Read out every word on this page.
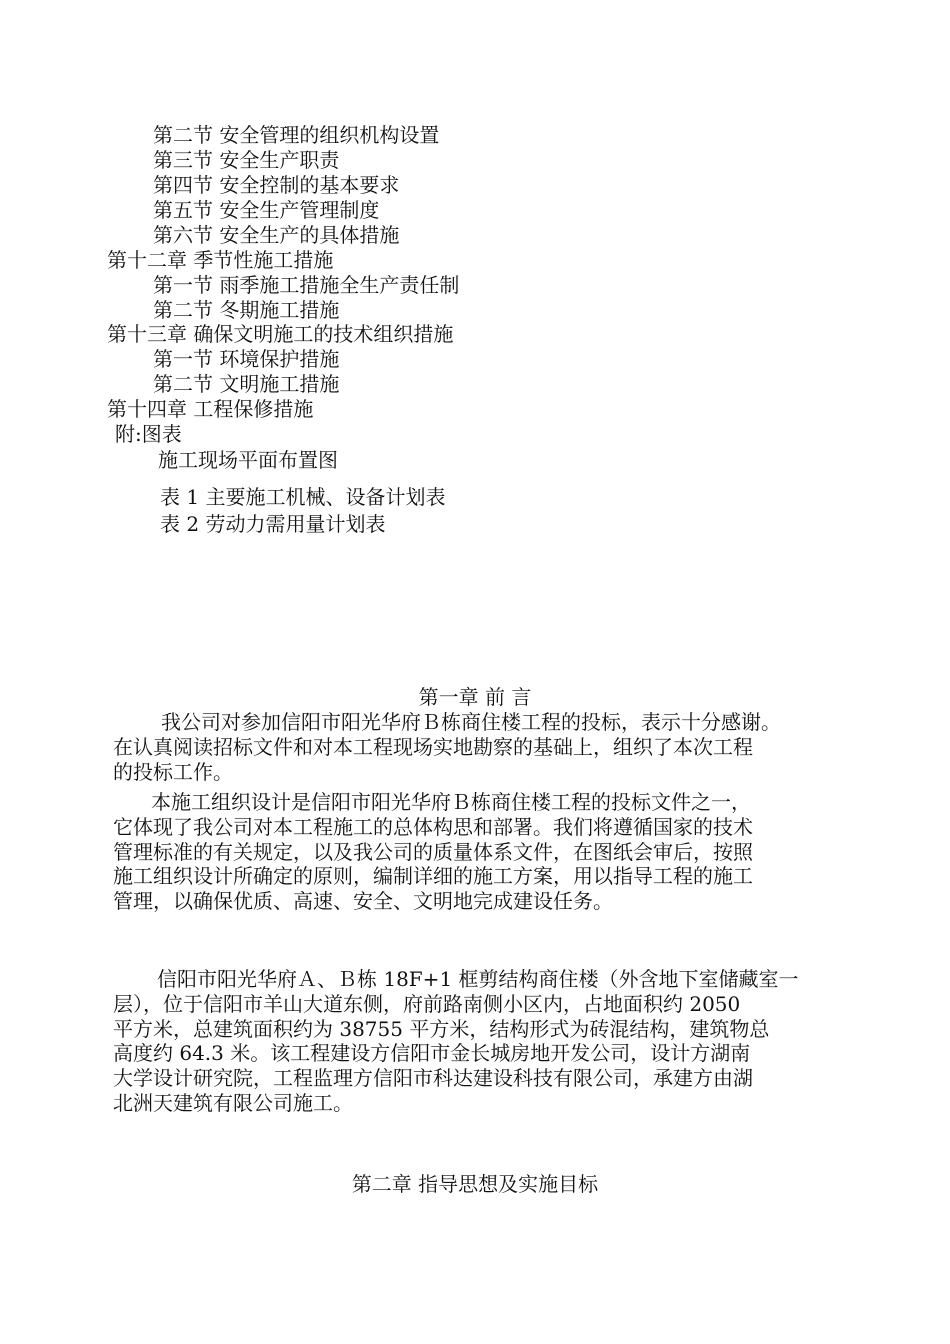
第二节 安全管理的组织机构设置
第三节 安全生产职责
第四节 安全控制的基本要求
第五节 安全生产管理制度
第六节 安全生产的具体措施
第十二章 季节性施工措施
第一节 雨季施工措施全生产责任制
第二节 冬期施工措施
第十三章 确保文明施工的技术组织措施
第一节 环境保护措施
第二节 文明施工措施
第十四章 工程保修措施
附:图表
施工现场平面布置图
表 1 主要施工机械、设备计划表
表 2 劳动力需用量计划表
第一章 前 言
　我公司对参加信阳市阳光华府Ｂ栋商住楼工程的投标，表示十分感谢。
在认真阅读招标文件和对本工程现场实地勘察的基础上，组织了本次工程
的投标工作。
　本施工组织设计是信阳市阳光华府Ｂ栋商住楼工程的投标文件之一，
它体现了我公司对本工程施工的总体构思和部署。我们将遵循国家的技术
管理标准的有关规定，以及我公司的质量体系文件，在图纸会审后，按照
施工组织设计所确定的原则，编制详细的施工方案，用以指导工程的施工
管理，以确保优质、高速、安全、文明地完成建设任务。
　信阳市阳光华府Ａ、Ｂ栋 18F+1 框剪结构商住楼（外含地下室储藏室一
层），位于信阳市羊山大道东侧，府前路南侧小区内，占地面积约 2050
平方米，总建筑面积约为 38755 平方米，结构形式为砖混结构，建筑物总
高度约 64.3 米。该工程建设方信阳市金长城房地开发公司，设计方湖南
大学设计研究院，工程监理方信阳市科达建设科技有限公司，承建方由湖
北洲天建筑有限公司施工。
第二章 指导思想及实施目标
